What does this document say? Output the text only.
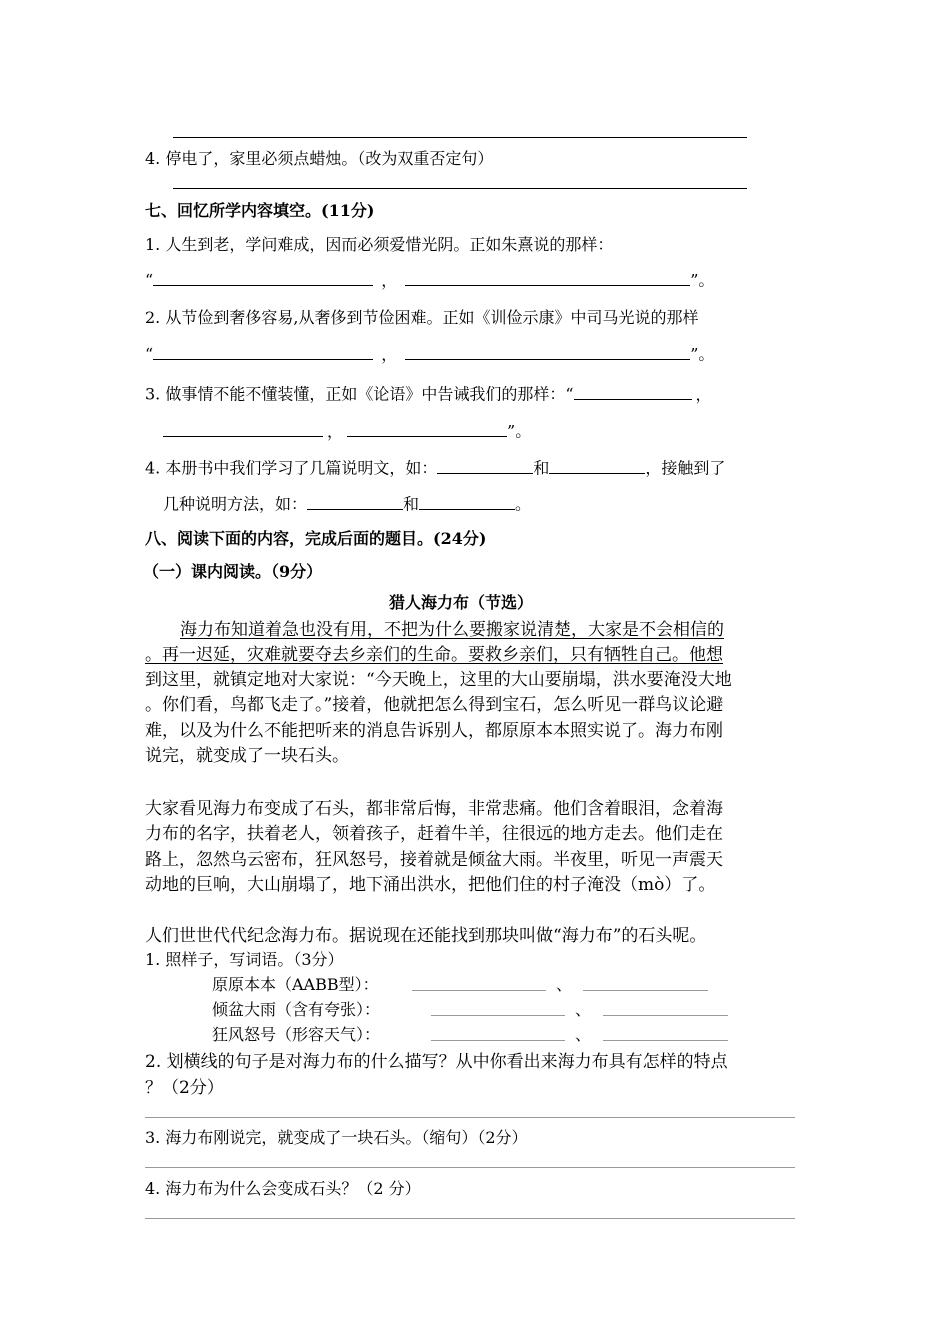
4. 停电了，家里必须点蜡烛。（改为双重否定句）
七、回忆所学内容填空。(11分)
1. 人生到老，学问难成，因而必须爱惜光阴。正如朱熹说的那样：
“	，	”。
2. 从节俭到奢侈容易,从奢侈到节俭困难。正如《训俭示康》中司马光说的那样
“	，	”。
3. 做事情不能不懂装懂，正如《论语》中告诫我们的那样：“	，
，	”。
4. 本册书中我们学习了几篇说明文，如：	和	，接触到了
几种说明方法，如：	和	。
八、阅读下面的内容，完成后面的题目。(24分)
（一）课内阅读。（9分）
猎人海力布（节选）
海力布知道着急也没有用，不把为什么要搬家说清楚，大家是不会相信的
。再一迟延，灾难就要夺去乡亲们的生命。要救乡亲们，只有牺牲自己。他想
到这里，就镇定地对大家说：“今天晚上，这里的大山要崩塌，洪水要淹没大地
。你们看，鸟都飞走了。”接着，他就把怎么得到宝石，怎么听见一群鸟议论避
难，以及为什么不能把听来的消息告诉别人，都原原本本照实说了。海力布刚
说完，就变成了一块石头。
大家看见海力布变成了石头，都非常后悔，非常悲痛。他们含着眼泪，念着海
力布的名字，扶着老人，领着孩子，赶着牛羊，往很远的地方走去。他们走在
路上，忽然乌云密布，狂风怒号，接着就是倾盆大雨。半夜里，听见一声震天
动地的巨响，大山崩塌了，地下涌出洪水，把他们住的村子淹没（mò）了。
人们世世代代纪念海力布。据说现在还能找到那块叫做“海力布”的石头呢。
1. 照样子，写词语。（3分）
原原本本（AABB型）：	、
倾盆大雨（含有夸张）：	、
狂风怒号（形容天气）：	、
2. 划横线的句子是对海力布的什么描写？从中你看出来海力布具有怎样的特点
？（2分）
3. 海力布刚说完，就变成了一块石头。（缩句）（2分）
4. 海力布为什么会变成石头？（2 分）
